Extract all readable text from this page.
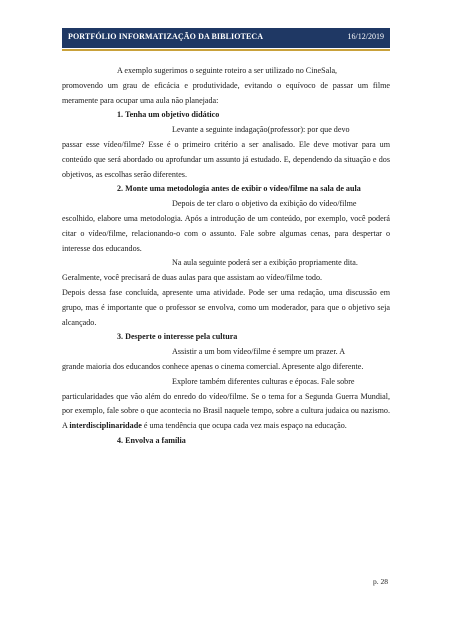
PORTFÓLIO INFORMATIZAÇÃO DA BIBLIOTECA	16/12/2019

A exemplo sugerimos o seguinte roteiro a ser utilizado no CineSala,

promovendo um grau de eficácia e produtividade, evitando o equívoco de passar um filme meramente para ocupar uma aula não planejada:

1. Tenha um objetivo didático

Levante a seguinte indagação(professor): por que devo

passar esse vídeo/filme? Esse é o primeiro critério a ser analisado. Ele deve motivar para um conteúdo que será abordado ou aprofundar um assunto já estudado. E, dependendo da situação e dos objetivos, as escolhas serão diferentes.

2. Monte uma metodologia antes de exibir o vídeo/filme na sala de aula

Depois de ter claro o objetivo da exibição do vídeo/filme

escolhido, elabore uma metodologia. Após a introdução de um conteúdo, por exemplo, você poderá citar o vídeo/filme, relacionando-o com o assunto. Fale sobre algumas cenas, para despertar o interesse dos educandos.

Na aula seguinte poderá ser a exibição propriamente dita.

Geralmente, você precisará de duas aulas para que assistam ao vídeo/filme todo.

Depois dessa fase concluída, apresente uma atividade. Pode ser uma redação, uma discussão em grupo, mas é importante que o professor se envolva, como um moderador, para que o objetivo seja alcançado.

3. Desperte o interesse pela cultura

Assistir a um bom vídeo/filme é sempre um prazer. A

grande maioria dos educandos conhece apenas o cinema comercial. Apresente algo diferente.

Explore também diferentes culturas e épocas. Fale sobre

particularidades que vão além do enredo do vídeo/filme. Se o tema for a Segunda Guerra Mundial, por exemplo, fale sobre o que acontecia no Brasil naquele tempo, sobre a cultura judaica ou nazismo. A interdisciplinaridade é uma tendência que ocupa cada vez mais espaço na educação.

4. Envolva a família

p. 28
